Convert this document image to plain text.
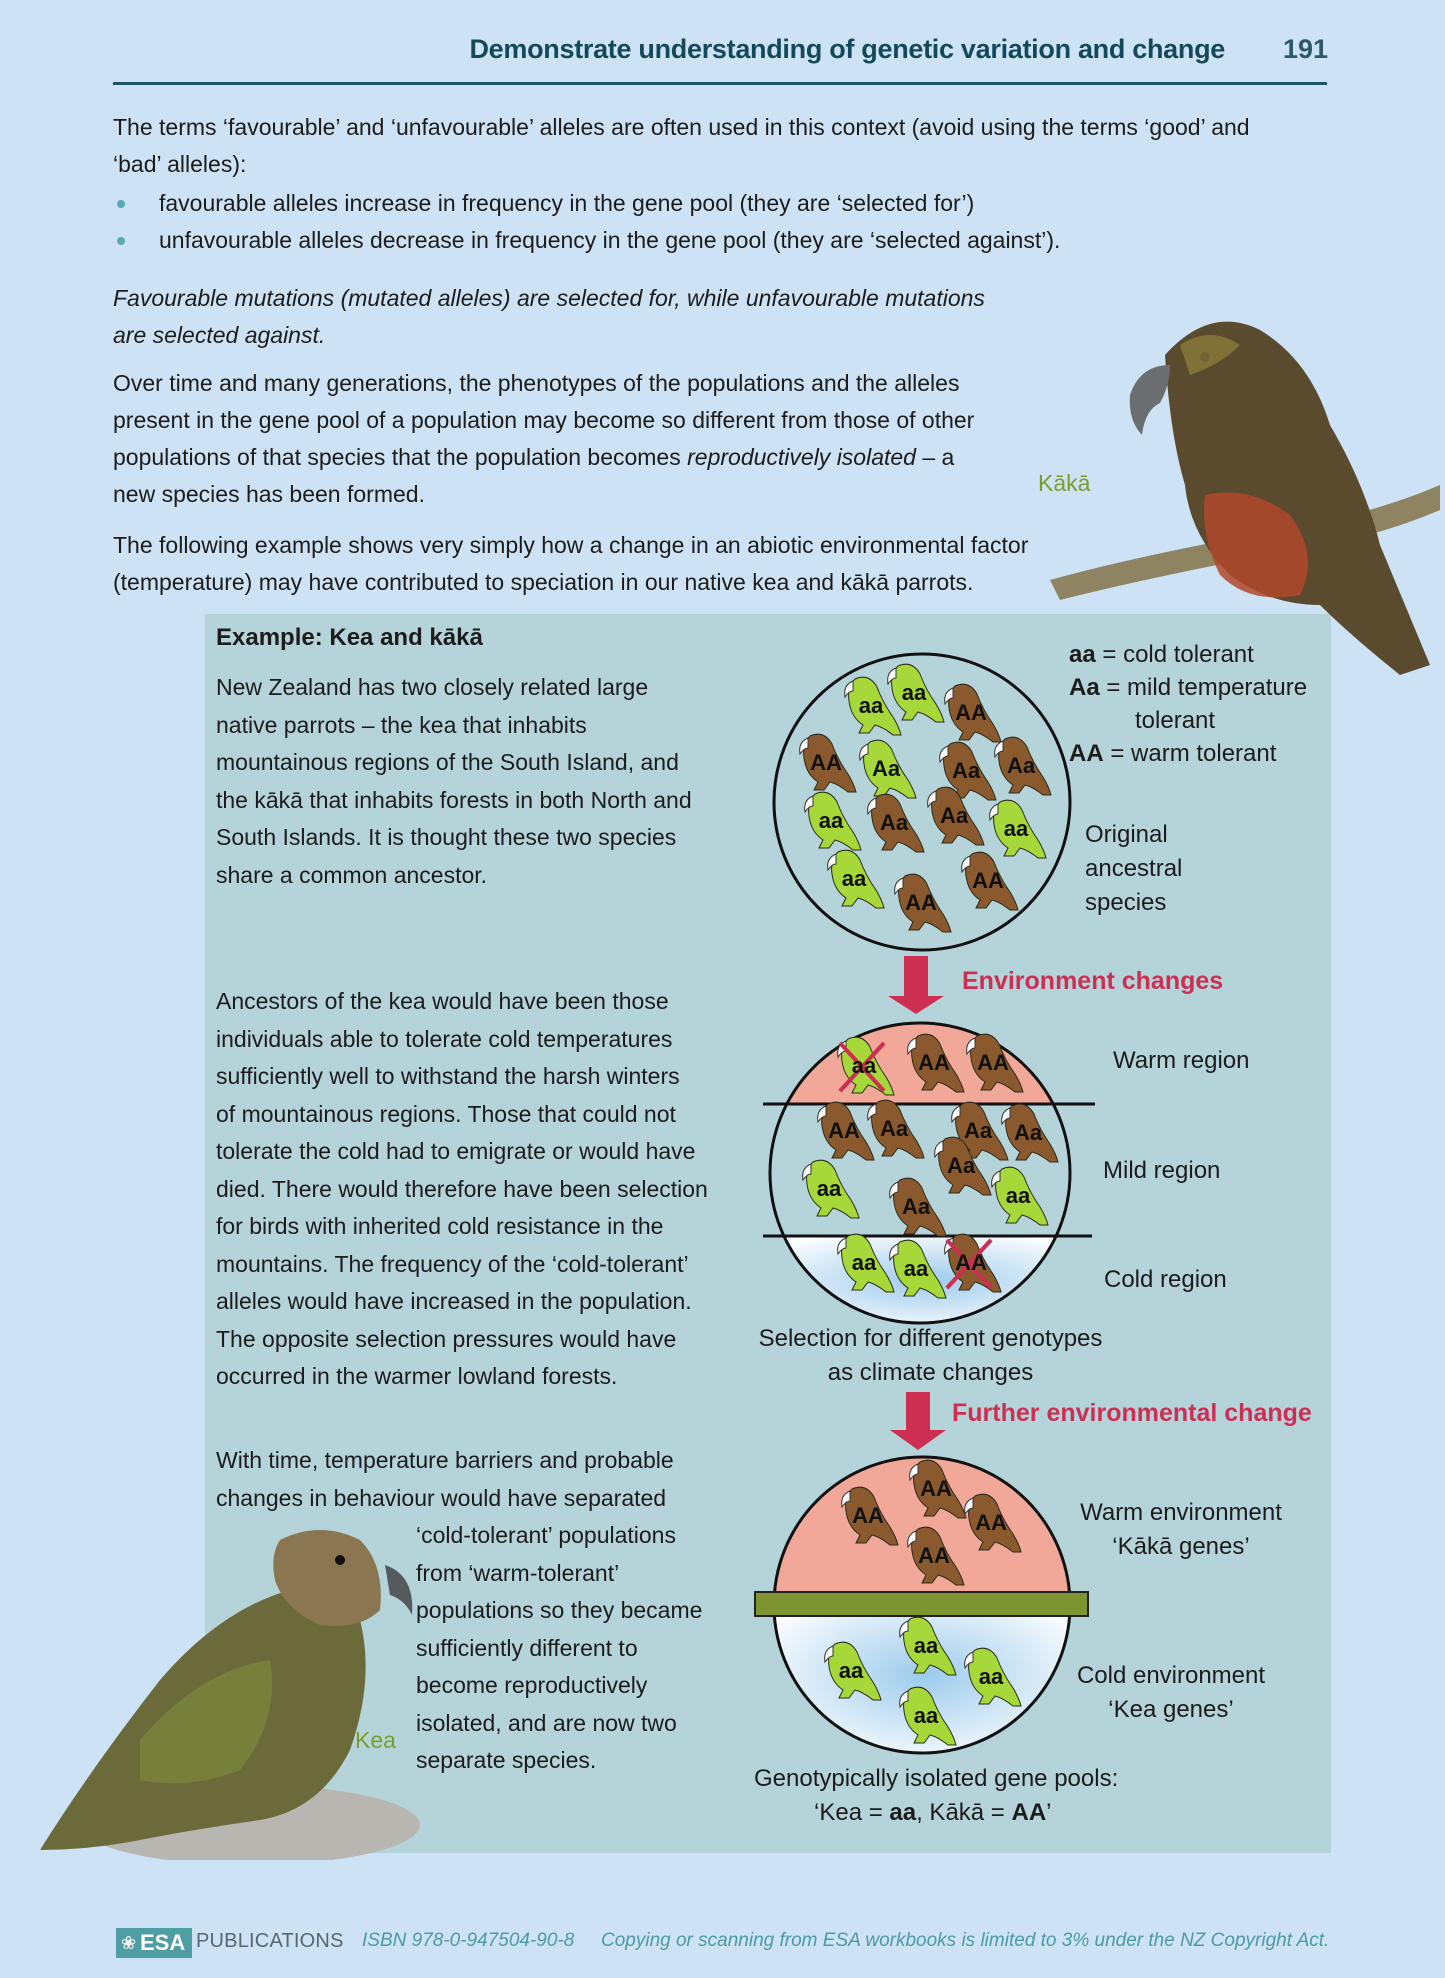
Demonstrate understanding of genetic variation and change	191
The terms ‘favourable’ and ‘unfavourable’ alleles are often used in this context (avoid using the terms ‘good’ and
‘bad’ alleles):
favourable alleles increase in frequency in the gene pool (they are ‘selected for’)
unfavourable alleles decrease in frequency in the gene pool (they are ‘selected against’).
Favourable mutations (mutated alleles) are selected for, while unfavourable mutations
are selected against.
Over time and many generations, the phenotypes of the populations and the alleles
present in the gene pool of a population may become so different from those of other
populations of that species that the population becomes reproductively isolated – a
new species has been formed.
The following example shows very simply how a change in an abiotic environmental factor
(temperature) may have contributed to speciation in our native kea and kākā parrots.
Kākā
Kea
Example: Kea and kākā
New Zealand has two closely related large
native parrots – the kea that inhabits
mountainous regions of the South Island, and
the kākā that inhabits forests in both North and
South Islands. It is thought these two species
share a common ancestor.
Ancestors of the kea would have been those
individuals able to tolerate cold temperatures
sufficiently well to withstand the harsh winters
of mountainous regions. Those that could not
tolerate the cold had to emigrate or would have
died. There would therefore have been selection
for birds with inherited cold resistance in the
mountains. The frequency of the ‘cold-tolerant’
alleles would have increased in the population.
The opposite selection pressures would have
occurred in the warmer lowland forests.
With time, temperature barriers and probable
changes in behaviour would have separated
‘cold-tolerant’ populations
from ‘warm-tolerant’
populations so they became
sufficiently different to
become reproductively
isolated, and are now two
separate species.
aa
aa
AA
AA Aa Aa Aa
aa Aa Aa
aa
aa	AA
AA
aa AA AA
AA Aa	Aa Aa
aa
Aa
Aa
aa
aa aa AA
AA
AA
AA
AA
aa
aa
aa
aa
aa = cold tolerant
Aa = mild temperature
tolerant
AA = warm tolerant
Original
ancestral
species
Environment changes
Warm region
Mild region
Cold region
Selection for different genotypes
as climate changes
Further environmental change
Warm environment
‘Kākā genes’
Cold environment
‘Kea genes’
Genotypically isolated gene pools:
‘Kea = aa, Kākā = AA’
❀ ESA PUBLICATIONS ISBN 978-0-947504-90-8 Copying or scanning from ESA workbooks is limited to 3% under the NZ Copyright Act.
